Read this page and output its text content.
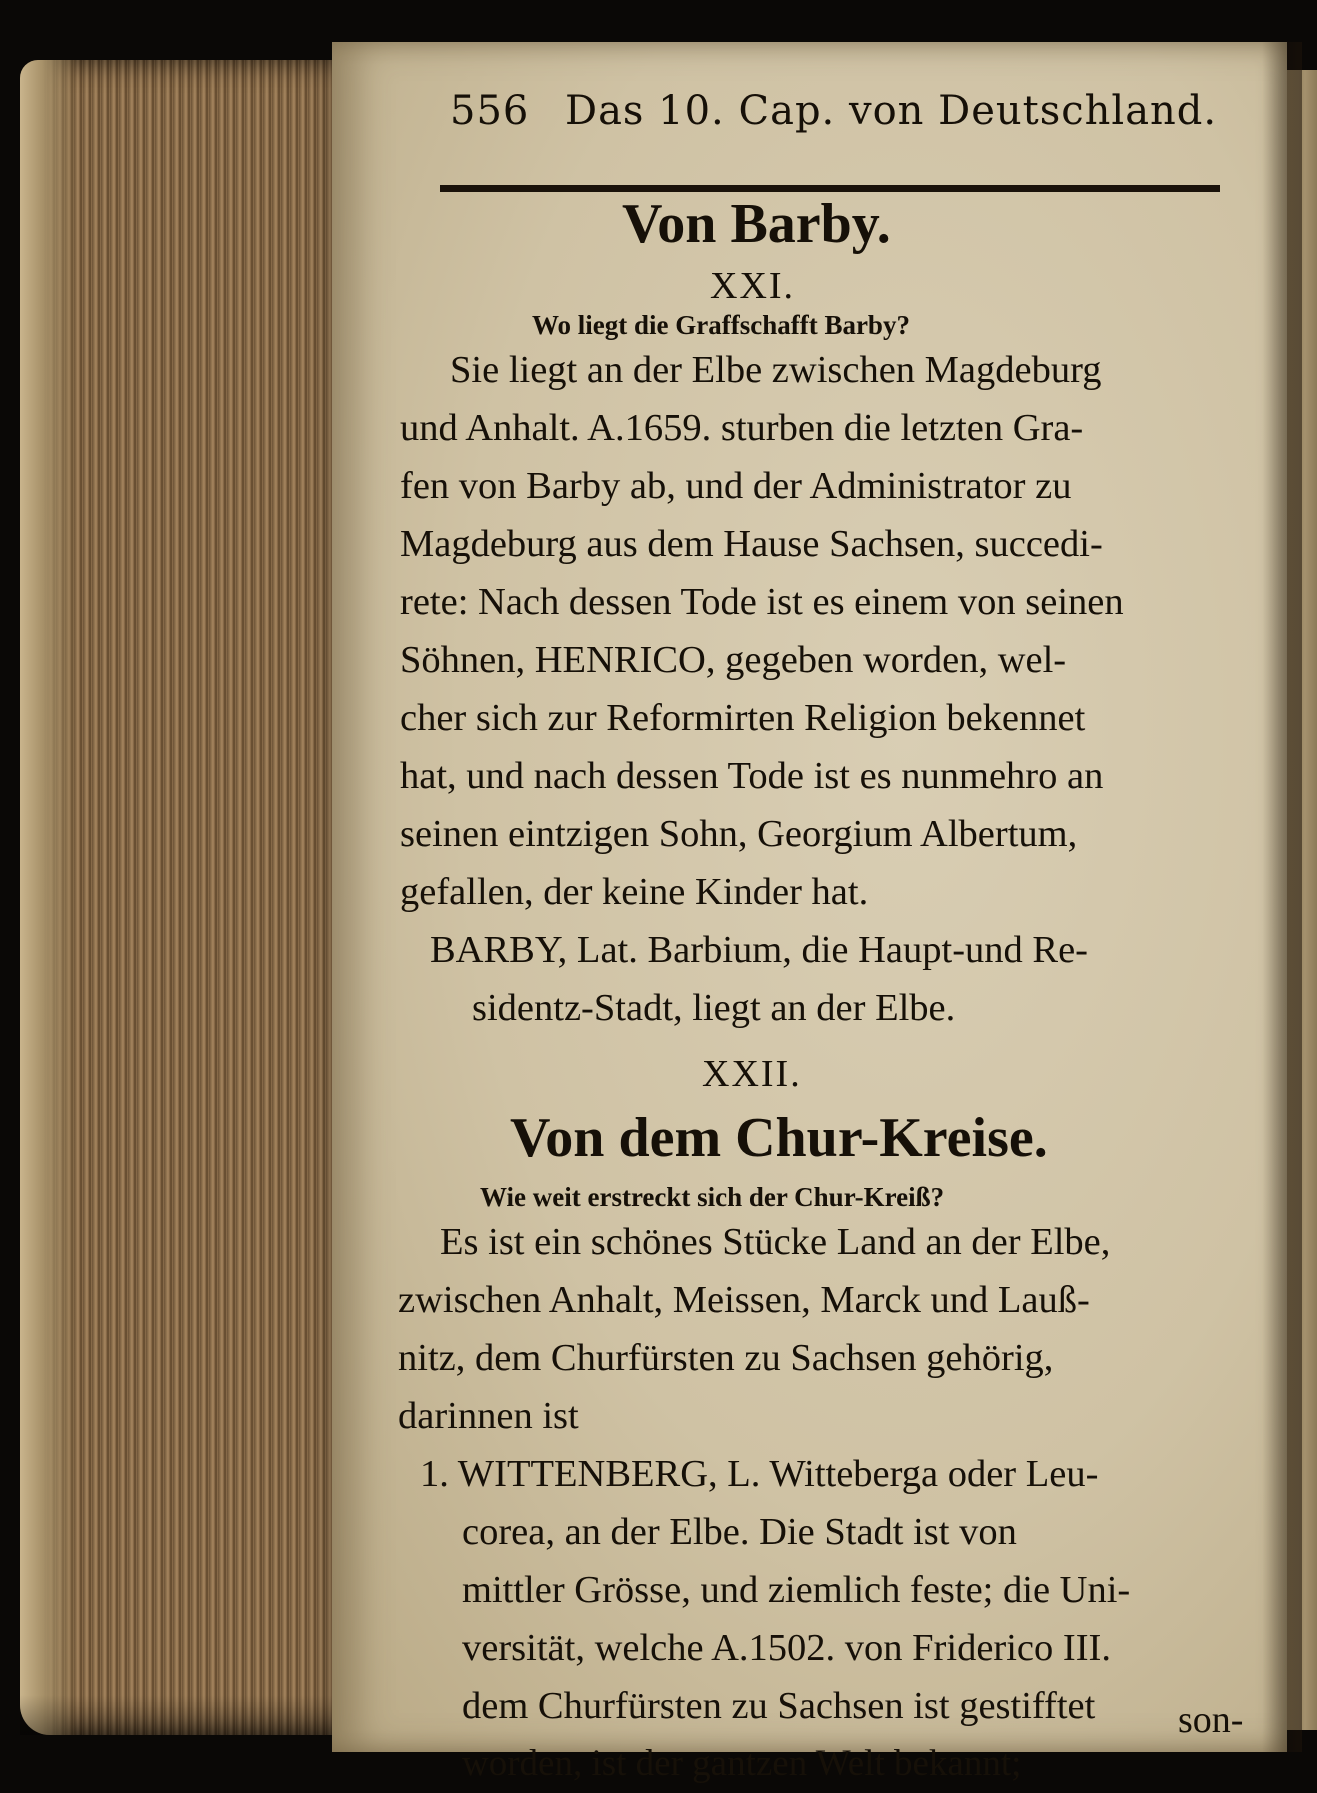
556 Das 10. Cap. von Deutschland.
Von Barby.
XXI.
Wo liegt die Graffschafft Barby?
Sie liegt an der Elbe zwischen Magdeburg
und Anhalt. A.1659. sturben die letzten Gra-
fen von Barby ab, und der Administrator zu
Magdeburg aus dem Hause Sachsen, succedi-
rete: Nach dessen Tode ist es einem von seinen
Söhnen, HENRICO, gegeben worden, wel-
cher sich zur Reformirten Religion bekennet
hat, und nach dessen Tode ist es nunmehro an
seinen eintzigen Sohn, Georgium Albertum,
gefallen, der keine Kinder hat.
BARBY, Lat. Barbium, die Haupt-und Re-
sidentz-Stadt, liegt an der Elbe.
XXII.
Von dem Chur-Kreise.
Wie weit erstreckt sich der Chur-Kreiß?
Es ist ein schönes Stücke Land an der Elbe,
zwischen Anhalt, Meissen, Marck und Lauß-
nitz, dem Churfürsten zu Sachsen gehörig,
darinnen ist
1. WITTENBERG, L. Witteberga oder Leu-
corea, an der Elbe. Die Stadt ist von
mittler Grösse, und ziemlich feste; die Uni-
versität, welche A.1502. von Friderico III.
dem Churfürsten zu Sachsen ist gestifftet
worden, ist der gantzen Welt bekannt;
son-
